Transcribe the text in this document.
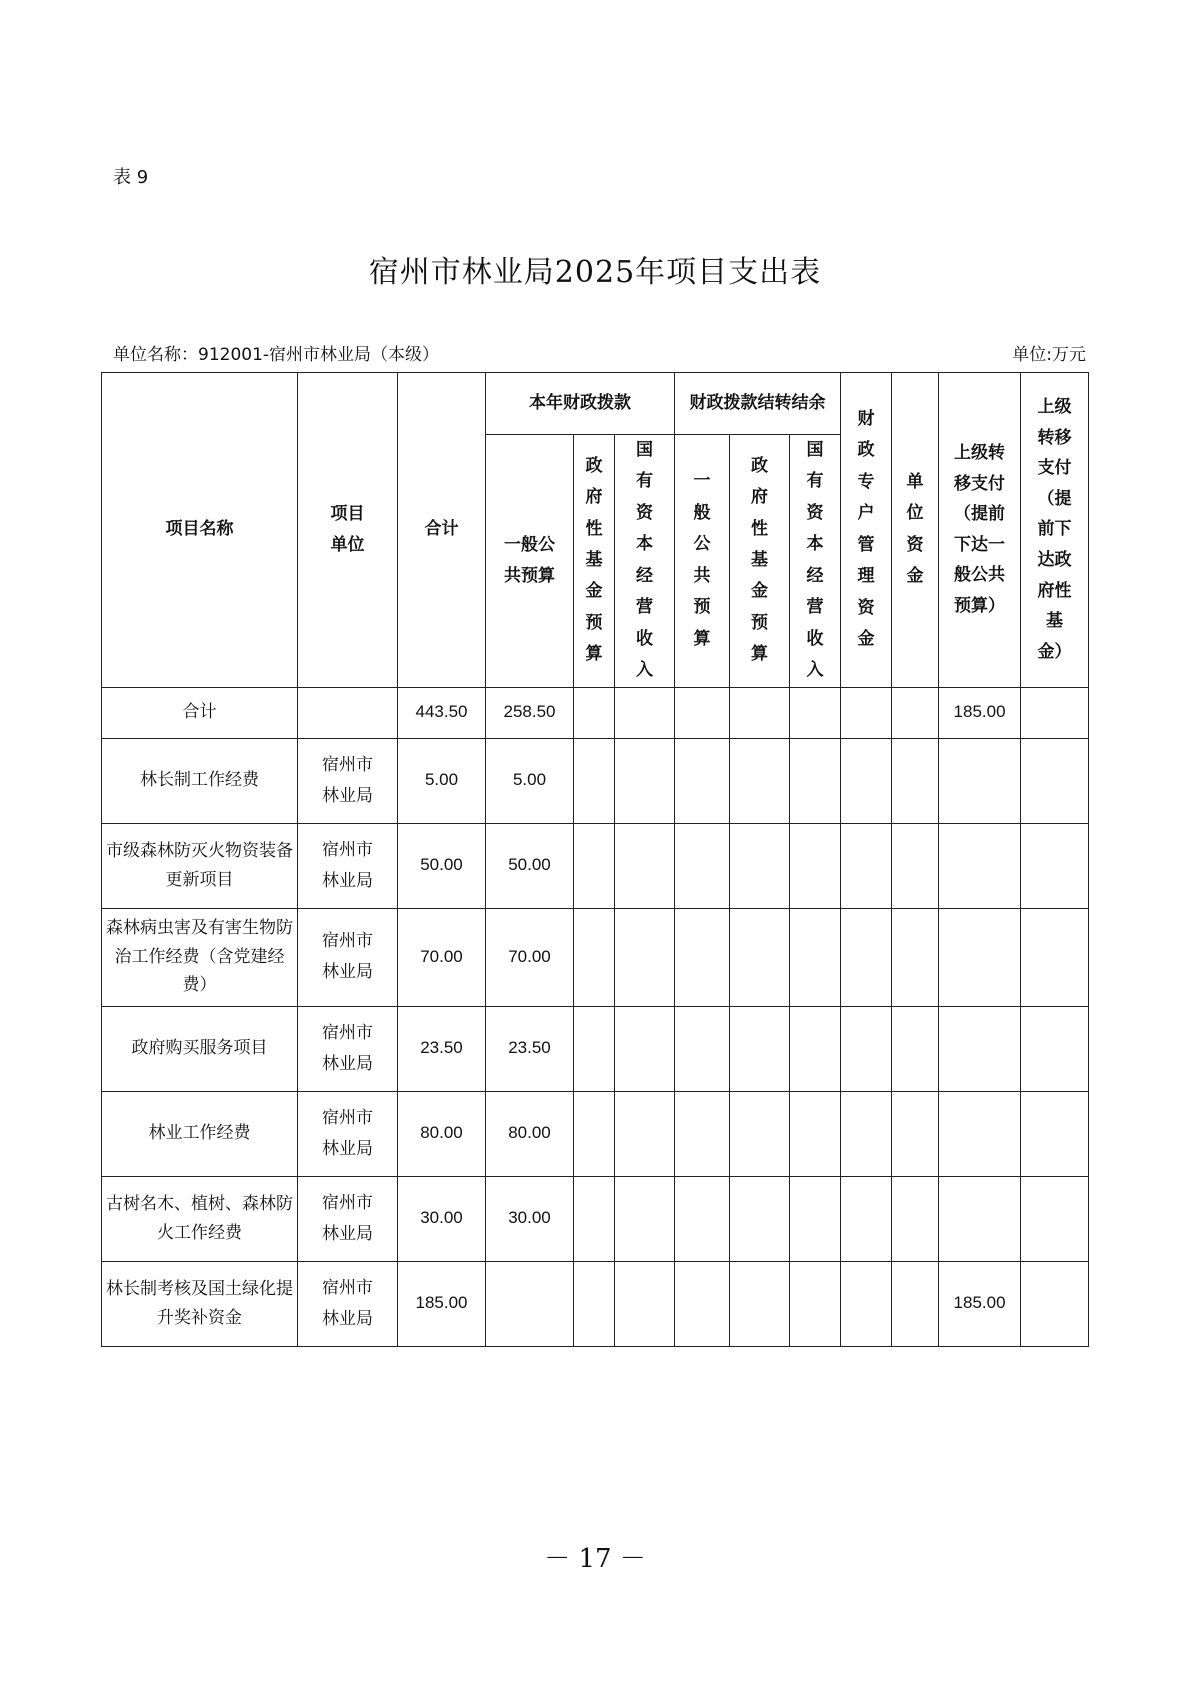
表 9
宿州市林业局2025年项目支出表
单位名称：912001-宿州市林业局（本级）	单位:万元
项目名称	项目单位	合计	本年财政拨款			财政拨款结转结余			财政专户管理资金	单位资金	上级转移支付（提前下达一般公共预算）	上级转移支付（提前下达政府性基金）

			一般公共预算	政府性基金预算	国有资本经营收入	一般公共预算	政府性基金预算	国有资本经营收入				

合计		443.50	258.50								185.00	
林长制工作经费	宿州市林业局	5.00	5.00									
市级森林防灭火物资装备更新项目	宿州市林业局	50.00	50.00									
森林病虫害及有害生物防治工作经费（含党建经费）	宿州市林业局	70.00	70.00									
政府购买服务项目	宿州市林业局	23.50	23.50									
林业工作经费	宿州市林业局	80.00	80.00									
古树名木、植树、森林防火工作经费	宿州市林业局	30.00	30.00									
林长制考核及国土绿化提升奖补资金	宿州市林业局	185.00									185.00	
－ 17 －
